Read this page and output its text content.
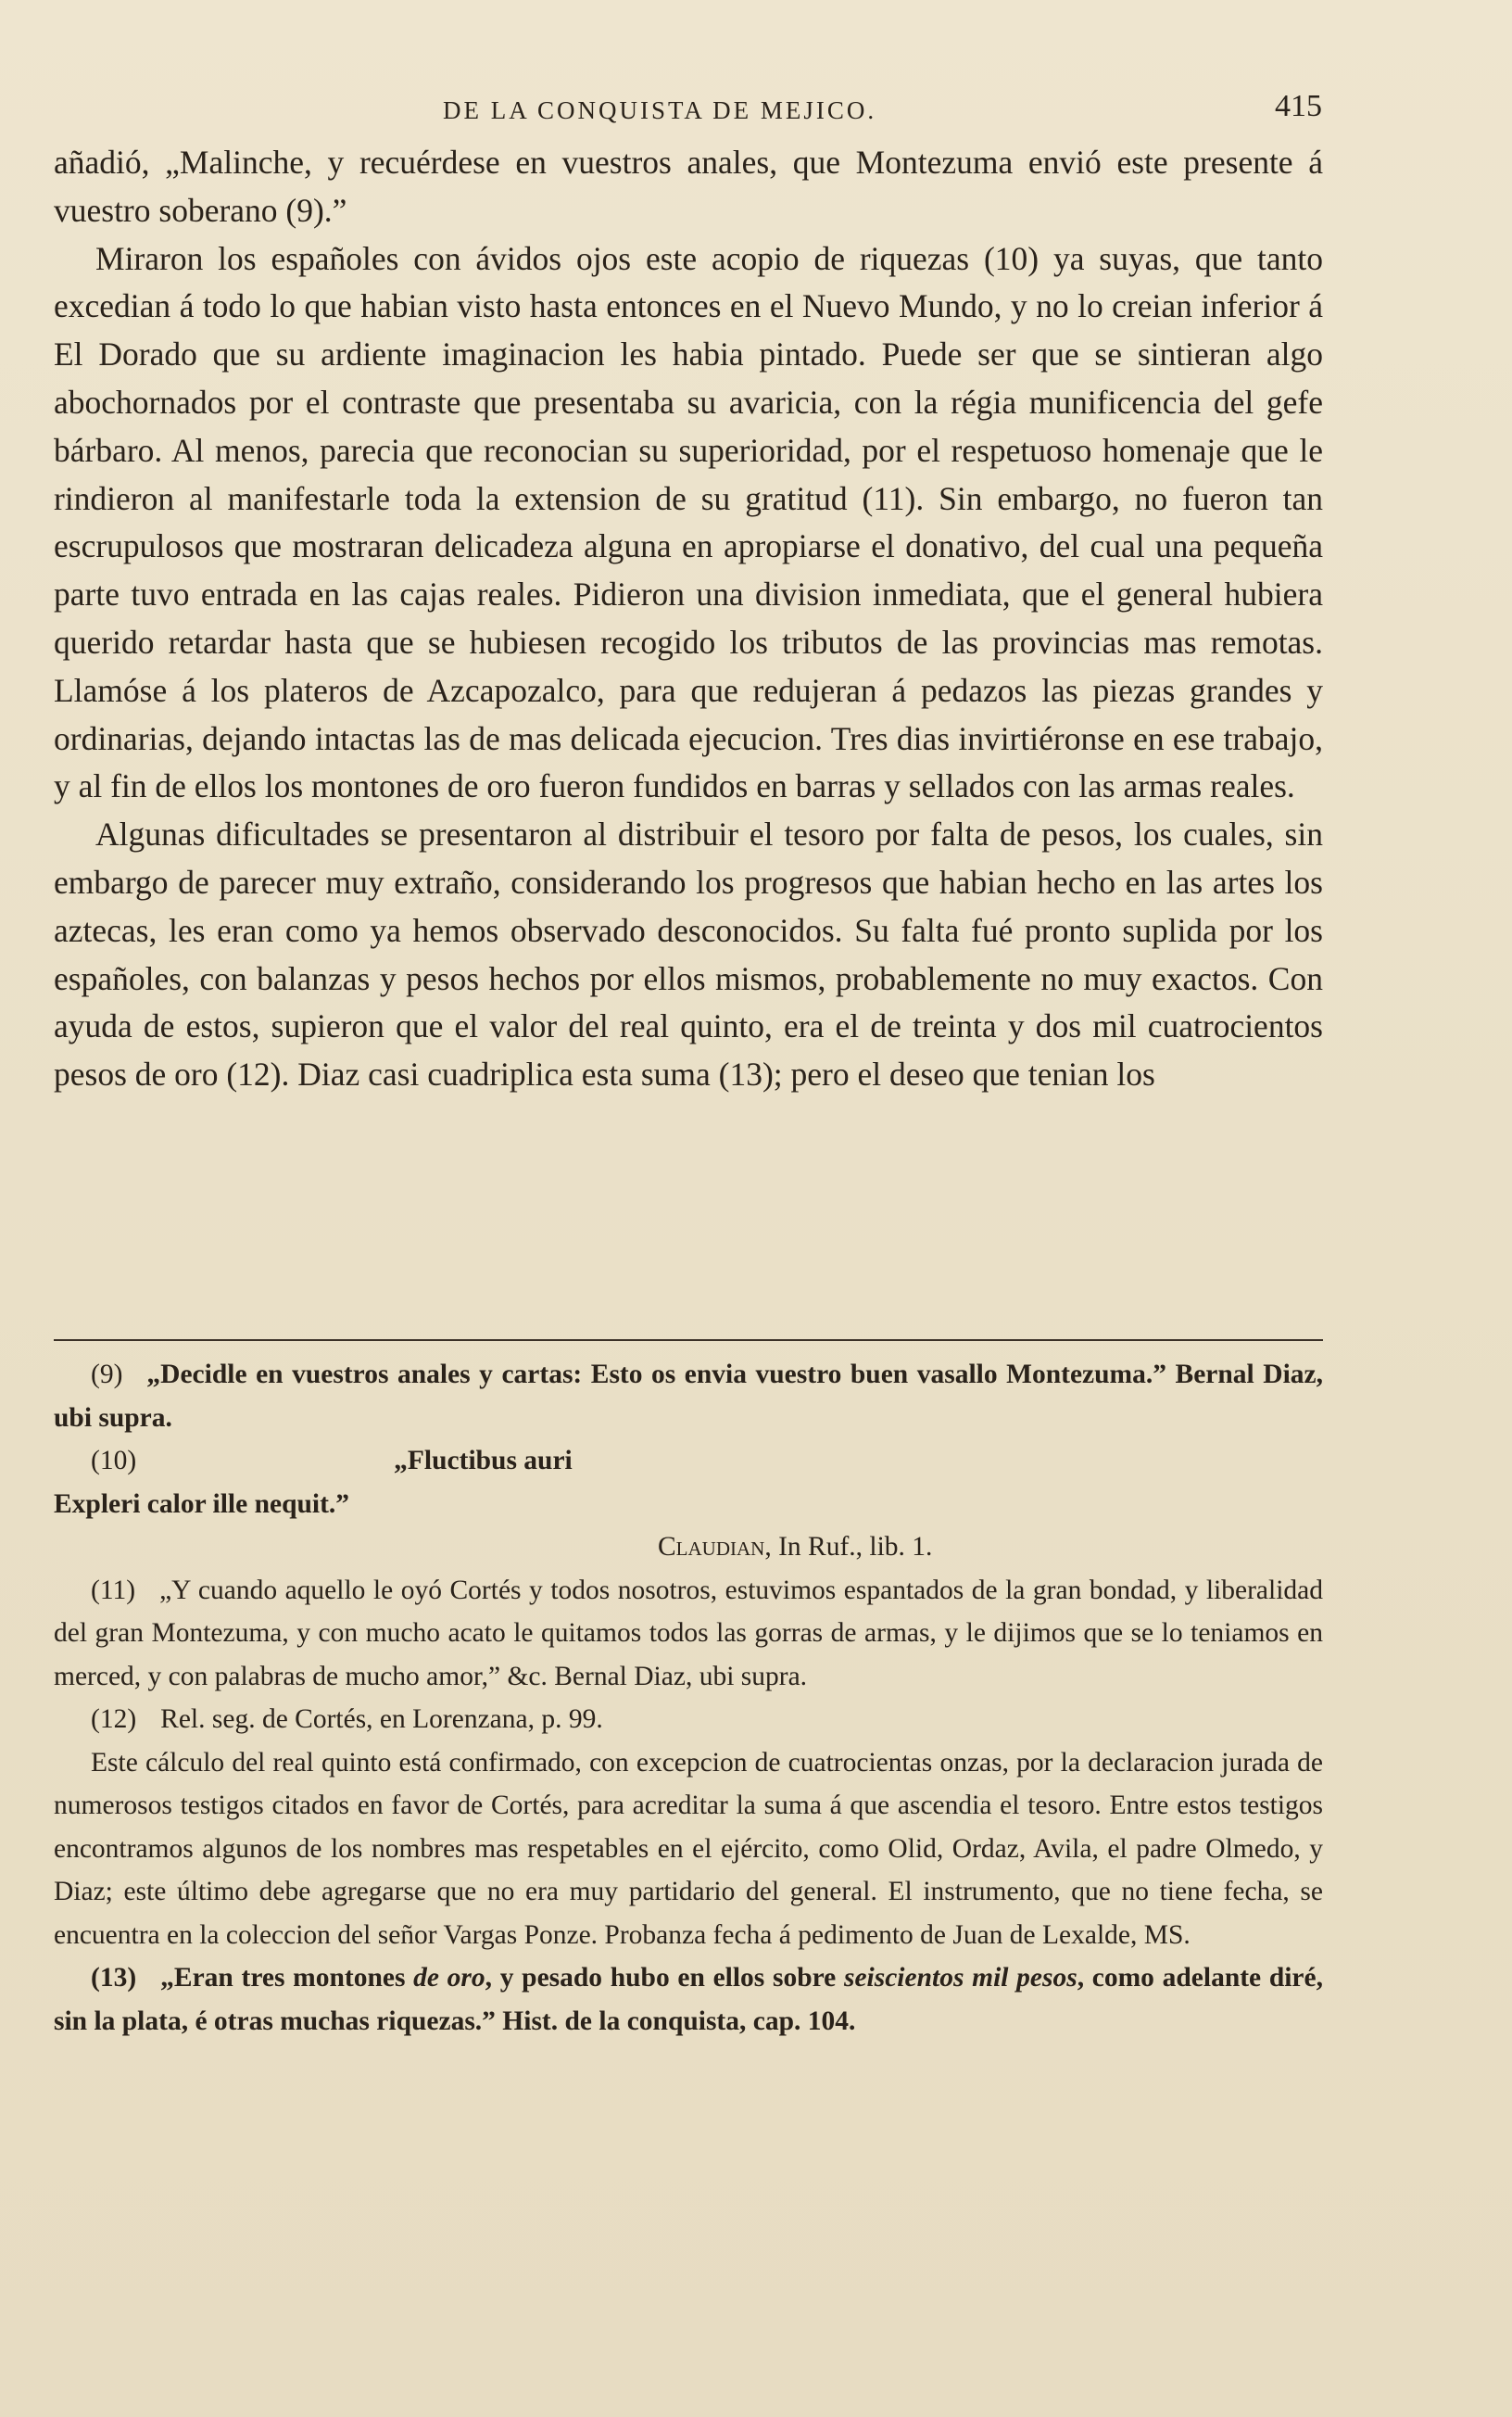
DE LA CONQUISTA DE MEJICO.	415

añadió, „Malinche, y recuérdese en vuestros anales, que Montezuma envió este presente á vuestro soberano (9).”

Miraron los españoles con ávidos ojos este acopio de riquezas (10) ya suyas, que tanto excedian á todo lo que habian visto hasta entonces en el Nuevo Mundo, y no lo creian inferior á El Dorado que su ardiente imaginacion les habia pintado. Puede ser que se sintieran algo abochornados por el contraste que presentaba su avaricia, con la régia munificencia del gefe bárbaro. Al menos, parecia que reconocian su superioridad, por el respetuoso homenaje que le rindieron al manifestarle toda la extension de su gratitud (11). Sin embargo, no fueron tan escrupulosos que mostraran delicadeza alguna en apropiarse el donativo, del cual una pequeña parte tuvo entrada en las cajas reales. Pidieron una division inmediata, que el general hubiera querido retardar hasta que se hubiesen recogido los tributos de las provincias mas remotas. Llamóse á los plateros de Azcapozalco, para que redujeran á pedazos las piezas grandes y ordinarias, dejando intactas las de mas delicada ejecucion. Tres dias invirtiéronse en ese trabajo, y al fin de ellos los montones de oro fueron fundidos en barras y sellados con las armas reales.

Algunas dificultades se presentaron al distribuir el tesoro por falta de pesos, los cuales, sin embargo de parecer muy extraño, considerando los progresos que habian hecho en las artes los aztecas, les eran como ya hemos observado desconocidos. Su falta fué pronto suplida por los españoles, con balanzas y pesos hechos por ellos mismos, probablemente no muy exactos. Con ayuda de estos, supieron que el valor del real quinto, era el de treinta y dos mil cuatrocientos pesos de oro (12). Diaz casi cuadriplica esta suma (13); pero el deseo que tenian los

(9) „Decidle en vuestros anales y cartas: Esto os envia vuestro buen vasallo Montezuma.” Bernal Diaz, ubi supra.

(10)	„Fluctibus auri

Expleri calor ille nequit.”

Claudian, In Ruf., lib. 1.

(11) „Y cuando aquello le oyó Cortés y todos nosotros, estuvimos espantados de la gran bondad, y liberalidad del gran Montezuma, y con mucho acato le quitamos todos las gorras de armas, y le dijimos que se lo teniamos en merced, y con palabras de mucho amor,” &c. Bernal Diaz, ubi supra.

(12) Rel. seg. de Cortés, en Lorenzana, p. 99.

Este cálculo del real quinto está confirmado, con excepcion de cuatrocientas onzas, por la declaracion jurada de numerosos testigos citados en favor de Cortés, para acreditar la suma á que ascendia el tesoro. Entre estos testigos encontramos algunos de los nombres mas respetables en el ejército, como Olid, Ordaz, Avila, el padre Olmedo, y Diaz; este último debe agregarse que no era muy partidario del general. El instrumento, que no tiene fecha, se encuentra en la coleccion del señor Vargas Ponze. Probanza fecha á pedimento de Juan de Lexalde, MS.

(13) „Eran tres montones de oro, y pesado hubo en ellos sobre seiscientos mil pesos, como adelante diré, sin la plata, é otras muchas riquezas.” Hist. de la conquista, cap. 104.
